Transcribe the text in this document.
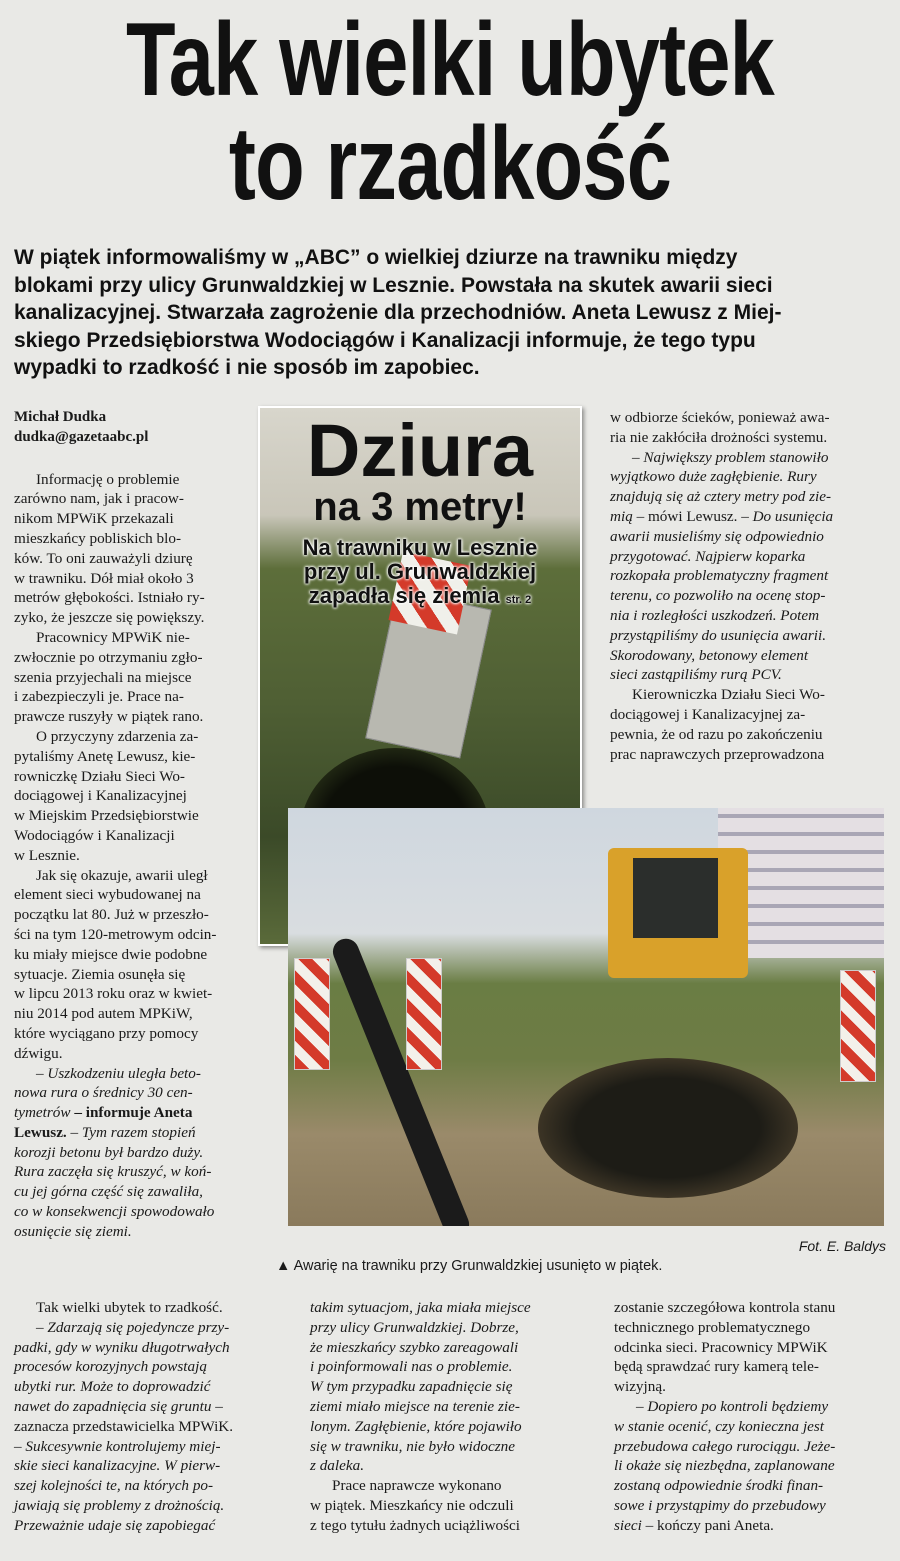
Tak wielki ubytek
to rzadkość
W piątek informowaliśmy w „ABC” o wielkiej dziurze na trawniku między
blokami przy ulicy Grunwaldzkiej w Lesznie. Powstała na skutek awarii sieci
kanalizacyjnej. Stwarzała zagrożenie dla przechodniów. Aneta Lewusz z Miej-
skiego Przedsiębiorstwa Wodociągów i Kanalizacji informuje, że tego typu
wypadki to rzadkość i nie sposób im zapobiec.
Michał Dudka
dudka@gazetaabc.pl
Informację o problemie
zarówno nam, jak i pracow-
nikom MPWiK przekazali
mieszkańcy pobliskich blo-
ków. To oni zauważyli dziurę
w trawniku. Dół miał około 3
metrów głębokości. Istniało ry-
zyko, że jeszcze się powiększy.
Pracownicy MPWiK nie-
zwłocznie po otrzymaniu zgło-
szenia przyjechali na miejsce
i zabezpieczyli je. Prace na-
prawcze ruszyły w piątek rano.
O przyczyny zdarzenia za-
pytaliśmy Anetę Lewusz, kie-
rowniczkę Działu Sieci Wo-
dociągowej i Kanalizacyjnej
w Miejskim Przedsiębiorstwie
Wodociągów i Kanalizacji
w Lesznie.
Jak się okazuje, awarii uległ
element sieci wybudowanej na
początku lat 80. Już w przeszło-
ści na tym 120-metrowym odcin-
ku miały miejsce dwie podobne
sytuacje. Ziemia osunęła się
w lipcu 2013 roku oraz w kwiet-
niu 2014 pod autem MPKiW,
które wyciągano przy pomocy
dźwigu.
– Uszkodzeniu uległa beto-
nowa rura o średnicy 30 cen-
tymetrów – informuje Aneta
Lewusz. – Tym razem stopień
korozji betonu był bardzo duży.
Rura zaczęła się kruszyć, w koń-
cu jej górna część się zawaliła,
co w konsekwencji spowodowało
osunięcie się ziemi.
Dziura
na 3 metry!
Na trawniku w Lesznie
przy ul. Grunwaldzkiej
zapadła się ziemia str. 2
w odbiorze ścieków, ponieważ awa-
ria nie zakłóciła drożności systemu.
– Największy problem stanowiło
wyjątkowo duże zagłębienie. Rury
znajdują się aż cztery metry pod zie-
mią – mówi Lewusz. – Do usunięcia
awarii musieliśmy się odpowiednio
przygotować. Najpierw koparka
rozkopała problematyczny fragment
terenu, co pozwoliło na ocenę stop-
nia i rozległości uszkodzeń. Potem
przystąpiliśmy do usunięcia awarii.
Skorodowany, betonowy element
sieci zastąpiliśmy rurą PCV.
Kierowniczka Działu Sieci Wo-
dociągowej i Kanalizacyjnej za-
pewnia, że od razu po zakończeniu
prac naprawczych przeprowadzona
Fot. E. Baldys
▲ Awarię na trawniku przy Grunwaldzkiej usunięto w piątek.
Tak wielki ubytek to rzadkość.
– Zdarzają się pojedyncze przy-
padki, gdy w wyniku długotrwałych
procesów korozyjnych powstają
ubytki rur. Może to doprowadzić
nawet do zapadnięcia się gruntu –
zaznacza przedstawicielka MPWiK.
– Sukcesywnie kontrolujemy miej-
skie sieci kanalizacyjne. W pierw-
szej kolejności te, na których po-
jawiają się problemy z drożnością.
Przeważnie udaje się zapobiegać
takim sytuacjom, jaka miała miejsce
przy ulicy Grunwaldzkiej. Dobrze,
że mieszkańcy szybko zareagowali
i poinformowali nas o problemie.
W tym przypadku zapadnięcie się
ziemi miało miejsce na terenie zie-
lonym. Zagłębienie, które pojawiło
się w trawniku, nie było widoczne
z daleka.
Prace naprawcze wykonano
w piątek. Mieszkańcy nie odczuli
z tego tytułu żadnych uciążliwości
zostanie szczegółowa kontrola stanu
technicznego problematycznego
odcinka sieci. Pracownicy MPWiK
będą sprawdzać rury kamerą tele-
wizyjną.
– Dopiero po kontroli będziemy
w stanie ocenić, czy konieczna jest
przebudowa całego rurociągu. Jeże-
li okaże się niezbędna, zaplanowane
zostaną odpowiednie środki finan-
sowe i przystąpimy do przebudowy
sieci – kończy pani Aneta.
